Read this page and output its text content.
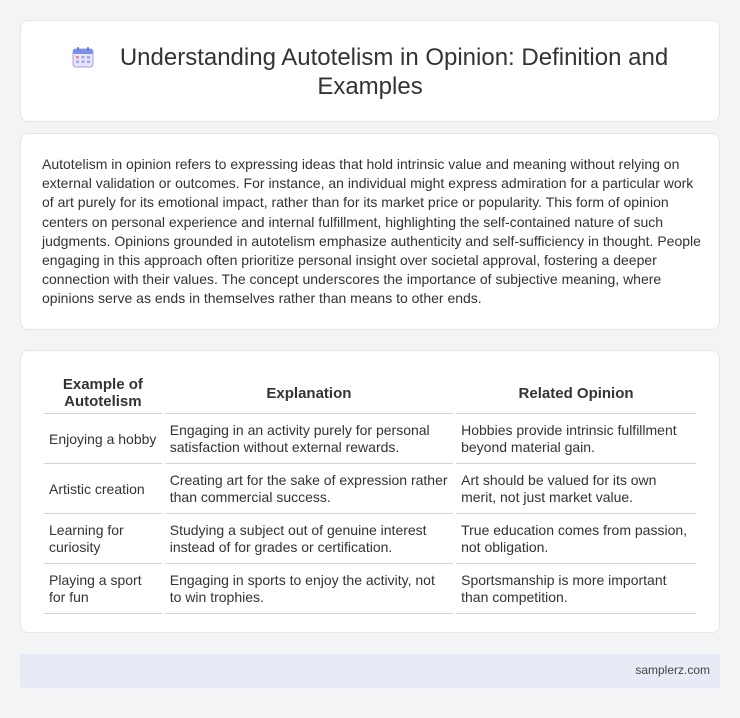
Understanding Autotelism in Opinion: Definition and Examples

Autotelism in opinion refers to expressing ideas that hold intrinsic value and meaning without relying on external validation or outcomes. For instance, an individual might express admiration for a particular work of art purely for its emotional impact, rather than for its market price or popularity. This form of opinion centers on personal experience and internal fulfillment, highlighting the self-contained nature of such judgments. Opinions grounded in autotelism emphasize authenticity and self-sufficiency in thought. People engaging in this approach often prioritize personal insight over societal approval, fostering a deeper connection with their values. The concept underscores the importance of subjective meaning, where opinions serve as ends in themselves rather than means to other ends.

Example of Autotelism	Explanation	Related Opinion
Enjoying a hobby	Engaging in an activity purely for personal satisfaction without external rewards.	Hobbies provide intrinsic fulfillment beyond material gain.
Artistic creation	Creating art for the sake of expression rather than commercial success.	Art should be valued for its own merit, not just market value.
Learning for curiosity	Studying a subject out of genuine interest instead of for grades or certification.	True education comes from passion, not obligation.
Playing a sport for fun	Engaging in sports to enjoy the activity, not to win trophies.	Sportsmanship is more important than competition.
samplerz.com
